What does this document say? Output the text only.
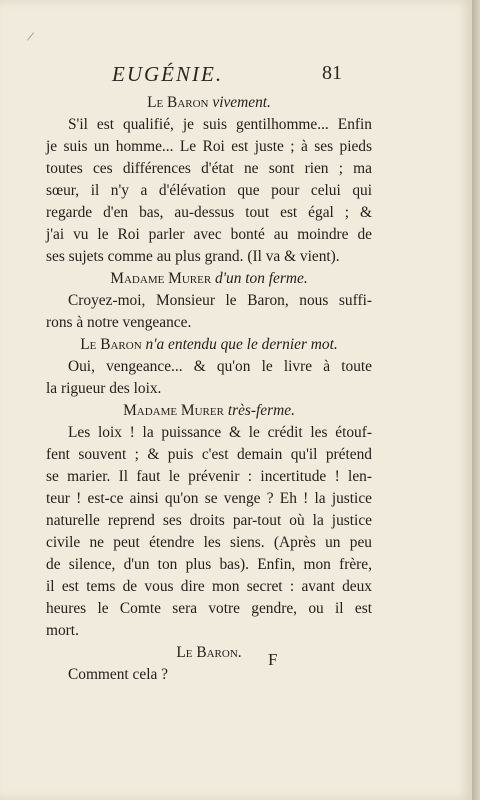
/
EUGÉNIE.	81

Le Baron vivement.

S'il est qualifié, je suis gentilhomme... Enfin

je suis un homme... Le Roi est juste ; à ses pieds

toutes ces différences d'état ne sont rien ; ma

sœur, il n'y a d'élévation que pour celui qui

regarde d'en bas, au-dessus tout est égal ; &

j'ai vu le Roi parler avec bonté au moindre de

ses sujets comme au plus grand. (Il va & vient).

Madame Murer d'un ton ferme.

Croyez-moi, Monsieur le Baron, nous suffi-

rons à notre vengeance.

Le Baron n'a entendu que le dernier mot.

Oui, vengeance... & qu'on le livre à toute

la rigueur des loix.

Madame Murer très-ferme.

Les loix ! la puissance & le crédit les étouf-

fent souvent ; & puis c'est demain qu'il prétend

se marier. Il faut le prévenir : incertitude ! len-

teur ! est-ce ainsi qu'on se venge ? Eh ! la justice

naturelle reprend ses droits par-tout où la justice

civile ne peut étendre les siens. (Après un peu

de silence, d'un ton plus bas). Enfin, mon frère,

il est tems de vous dire mon secret : avant deux

heures le Comte sera votre gendre, ou il est

mort.

Le Baron.

Comment cela ?

F
